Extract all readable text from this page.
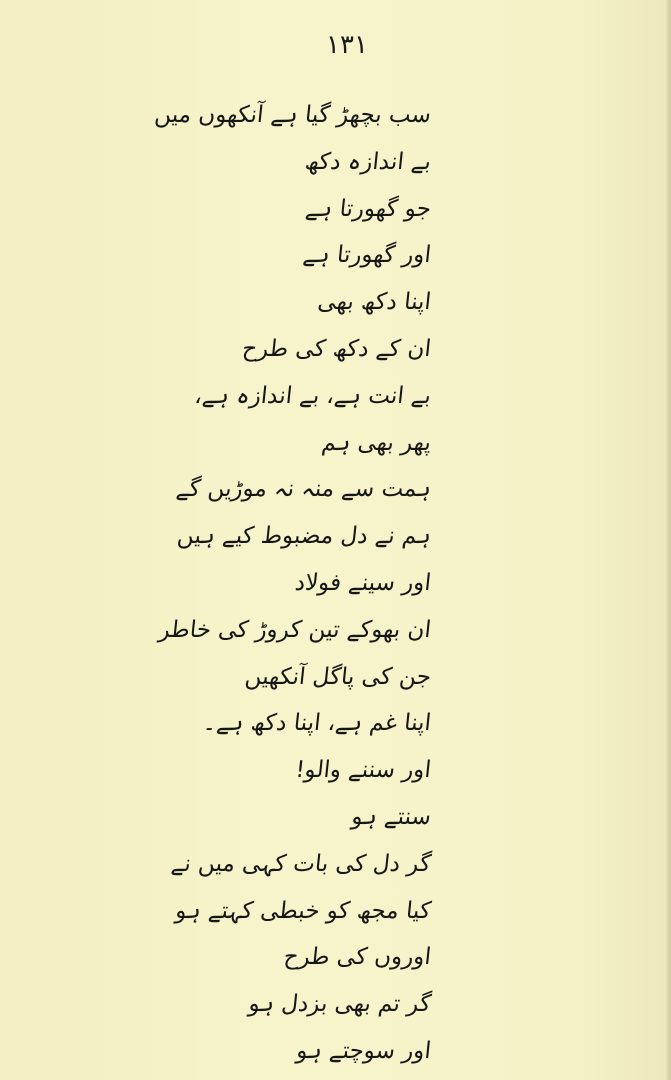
۱۳۱
سب بچھڑ گیا ہے آنکھوں میں
بے اندازہ دکھ
جو گھورتا ہے
اور گھورتا ہے
اپنا دکھ بھی
ان کے دکھ کی طرح
بے انت ہے، بے اندازہ ہے،
پھر بھی ہم
ہمت سے منہ نہ موڑیں گے
ہم نے دل مضبوط کیے ہیں
اور سینے فولاد
ان بھوکے تین کروڑ کی خاطر
جن کی پاگل آنکھیں
اپنا غم ہے، اپنا دکھ ہے۔
اور سننے والو!
سنتے ہو
گر دل کی بات کہی میں نے
کیا مجھ کو خبطی کہتے ہو
اوروں کی طرح
گر تم بھی بزدل ہو
اور سوچتے ہو
